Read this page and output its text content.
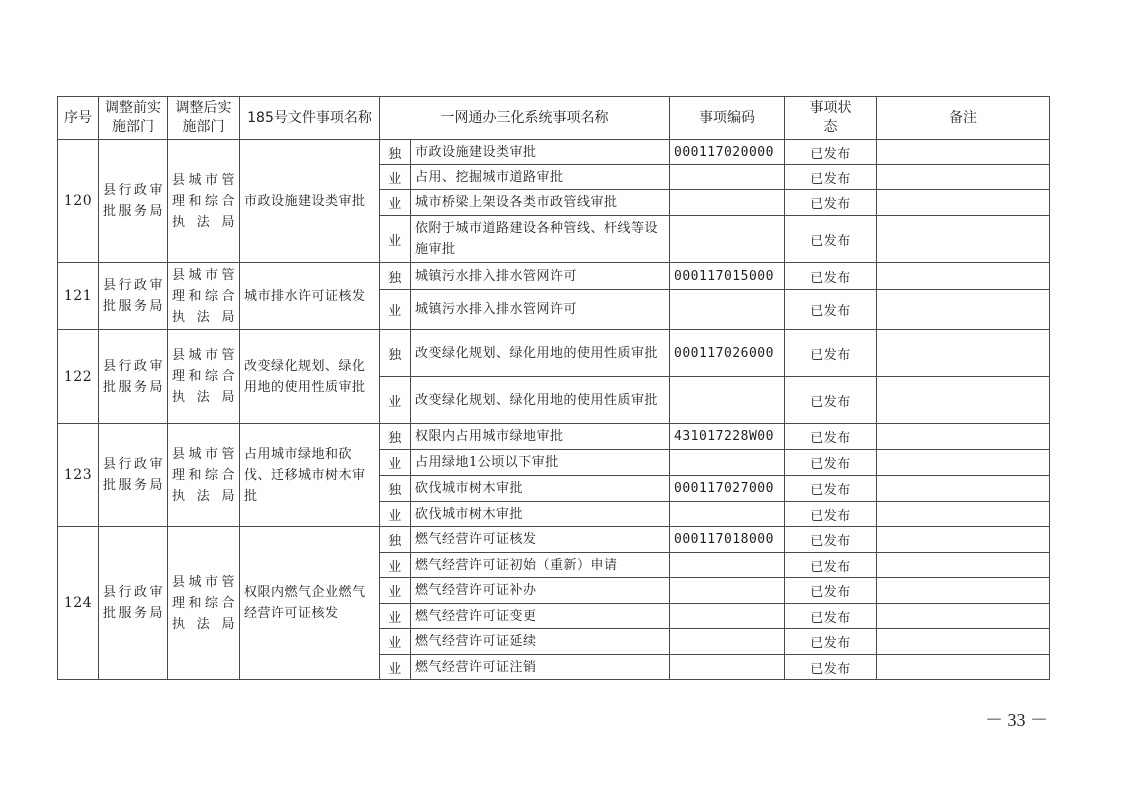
序号	调整前实施部门	调整后实施部门	185号文件事项名称	一网通办三化系统事项名称		事项编码	事项状态	备注
120	县行政审批服务局	县城市管理和综合执法局	市政设施建设类审批	独	市政设施建设类审批	000117020000	已发布	
				业	占用、挖掘城市道路审批		已发布	
				业	城市桥梁上架设各类市政管线审批		已发布	
				业	依附于城市道路建设各种管线、杆线等设施审批		已发布	
121	县行政审批服务局	县城市管理和综合执法局	城市排水许可证核发	独	城镇污水排入排水管网许可	000117015000	已发布	
				业	城镇污水排入排水管网许可		已发布	
122	县行政审批服务局	县城市管理和综合执法局	改变绿化规划、绿化用地的使用性质审批	独	改变绿化规划、绿化用地的使用性质审批	000117026000	已发布	
				业	改变绿化规划、绿化用地的使用性质审批		已发布	
123	县行政审批服务局	县城市管理和综合执法局	占用城市绿地和砍伐、迁移城市树木审批	独	权限内占用城市绿地审批	431017228W00	已发布	
				业	占用绿地1公顷以下审批		已发布	
				独	砍伐城市树木审批	000117027000	已发布	
				业	砍伐城市树木审批		已发布	
124	县行政审批服务局	县城市管理和综合执法局	权限内燃气企业燃气经营许可证核发	独	燃气经营许可证核发	000117018000	已发布	
				业	燃气经营许可证初始（重新）申请		已发布	
				业	燃气经营许可证补办		已发布	
				业	燃气经营许可证变更		已发布	
				业	燃气经营许可证延续		已发布	
				业	燃气经营许可证注销		已发布	
－ 33 －
